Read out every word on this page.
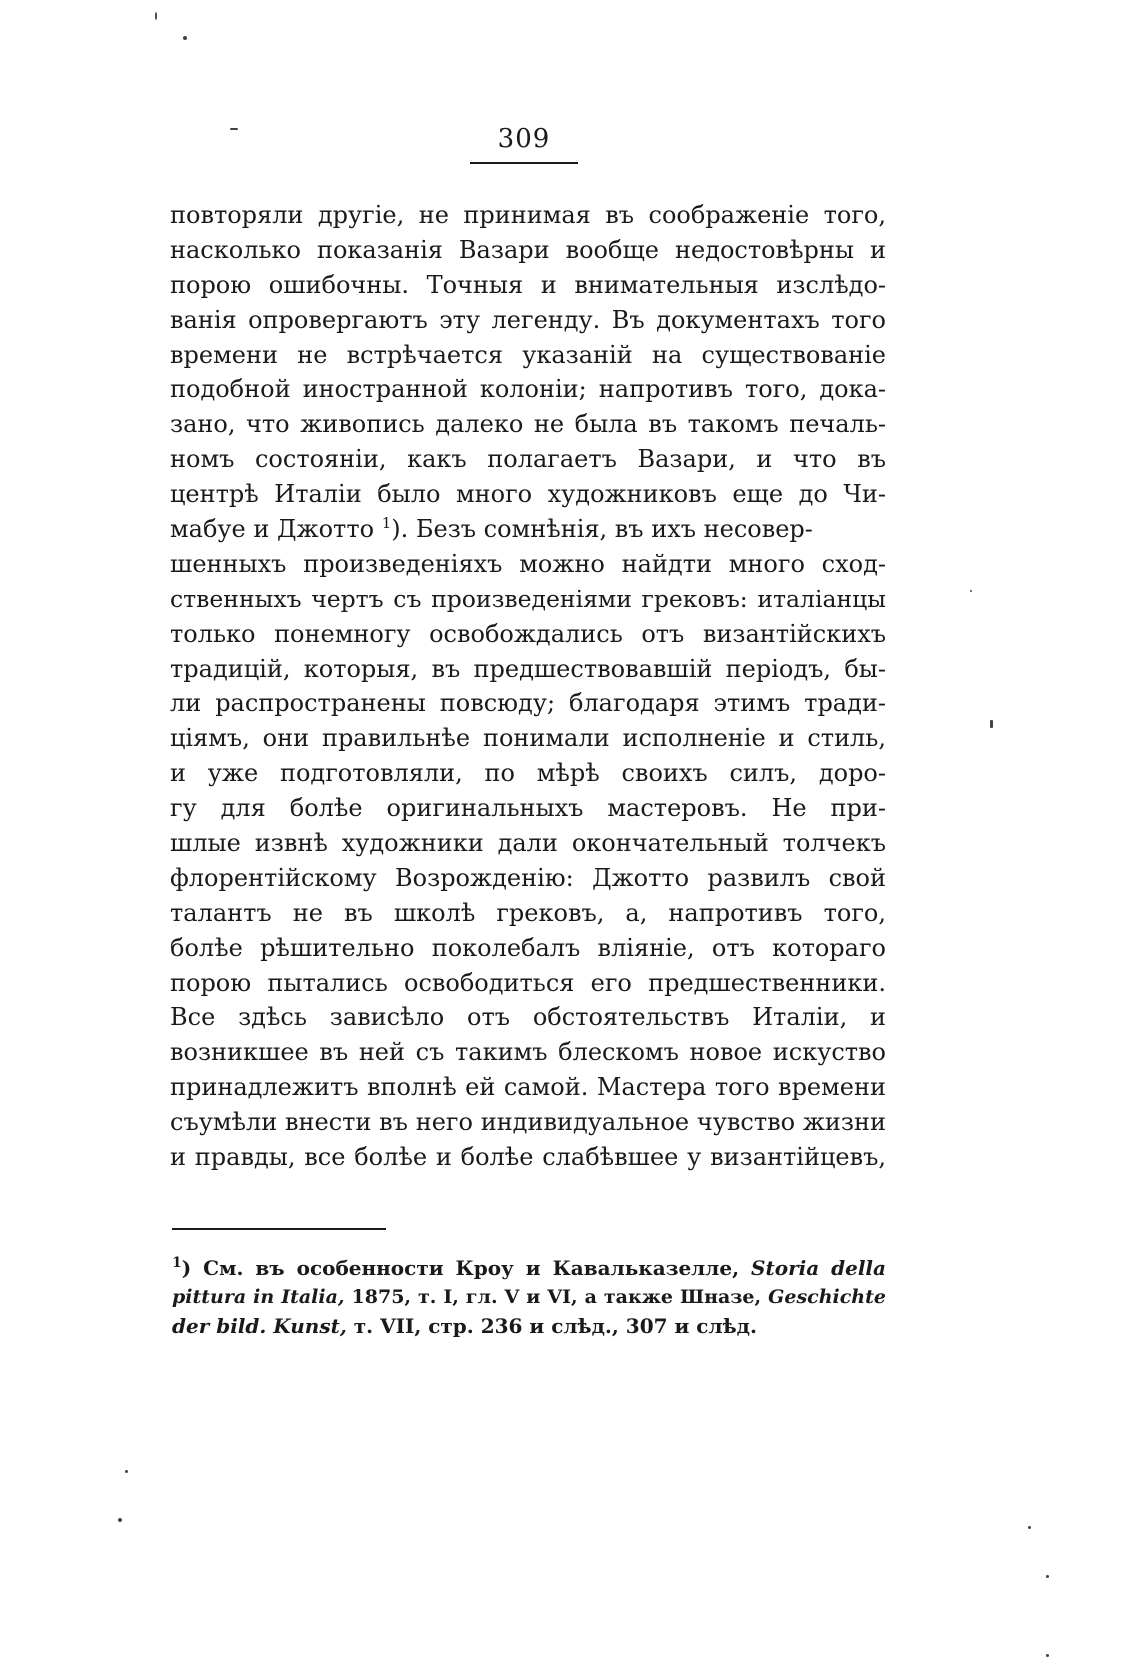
309
повторяли другіе, не принимая въ соображеніе того,
насколько показанія Вазари вообще недостовѣрны и
порою ошибочны. Точныя и внимательныя изслѣдо-
ванія опровергаютъ эту легенду. Въ документахъ того
времени не встрѣчается указаній на существованіе
подобной иностранной колоніи; напротивъ того, дока-
зано, что живопись далеко не была въ такомъ печаль-
номъ состояніи, какъ полагаетъ Вазари, и что въ
центрѣ Италіи было много художниковъ еще до Чи-
мабуе и Джотто $^1$). Безъ сомнѣнія, въ ихъ несовер-
шенныхъ произведеніяхъ можно найдти много сход-
ственныхъ чертъ съ произведеніями грековъ: италіанцы
только понемногу освобождались отъ византійскихъ
традицій, которыя, въ предшествовавшій періодъ, бы-
ли распространены повсюду; благодаря этимъ тради-
ціямъ, они правильнѣе понимали исполненіе и стиль,
и уже подготовляли, по мѣрѣ своихъ силъ, доро-
гу для болѣе оригинальныхъ мастеровъ. Не при-
шлые извнѣ художники дали окончательный толчекъ
флорентійскому Возрожденію: Джотто развилъ свой
талантъ не въ школѣ грековъ, а, напротивъ того,
болѣе рѣшительно поколебалъ вліяніе, отъ котораго
порою пытались освободиться его предшественники.
Все здѣсь зависѣло отъ обстоятельствъ Италіи, и
возникшее въ ней съ такимъ блескомъ новое искуство
принадлежитъ вполнѣ ей самой. Мастера того времени
съумѣли внести въ него индивидуальное чувство жизни
и правды, все болѣе и болѣе слабѣвшее у византійцевъ,
$^1$) См. въ особенности Кроу и Кавальказелле, Storia della
pittura in Italia, 1875, т. I, гл. V и VI, а также Шназе, Geschichte
der bild. Kunst, т. VII, стр. 236 и слѣд., 307 и слѣд.
